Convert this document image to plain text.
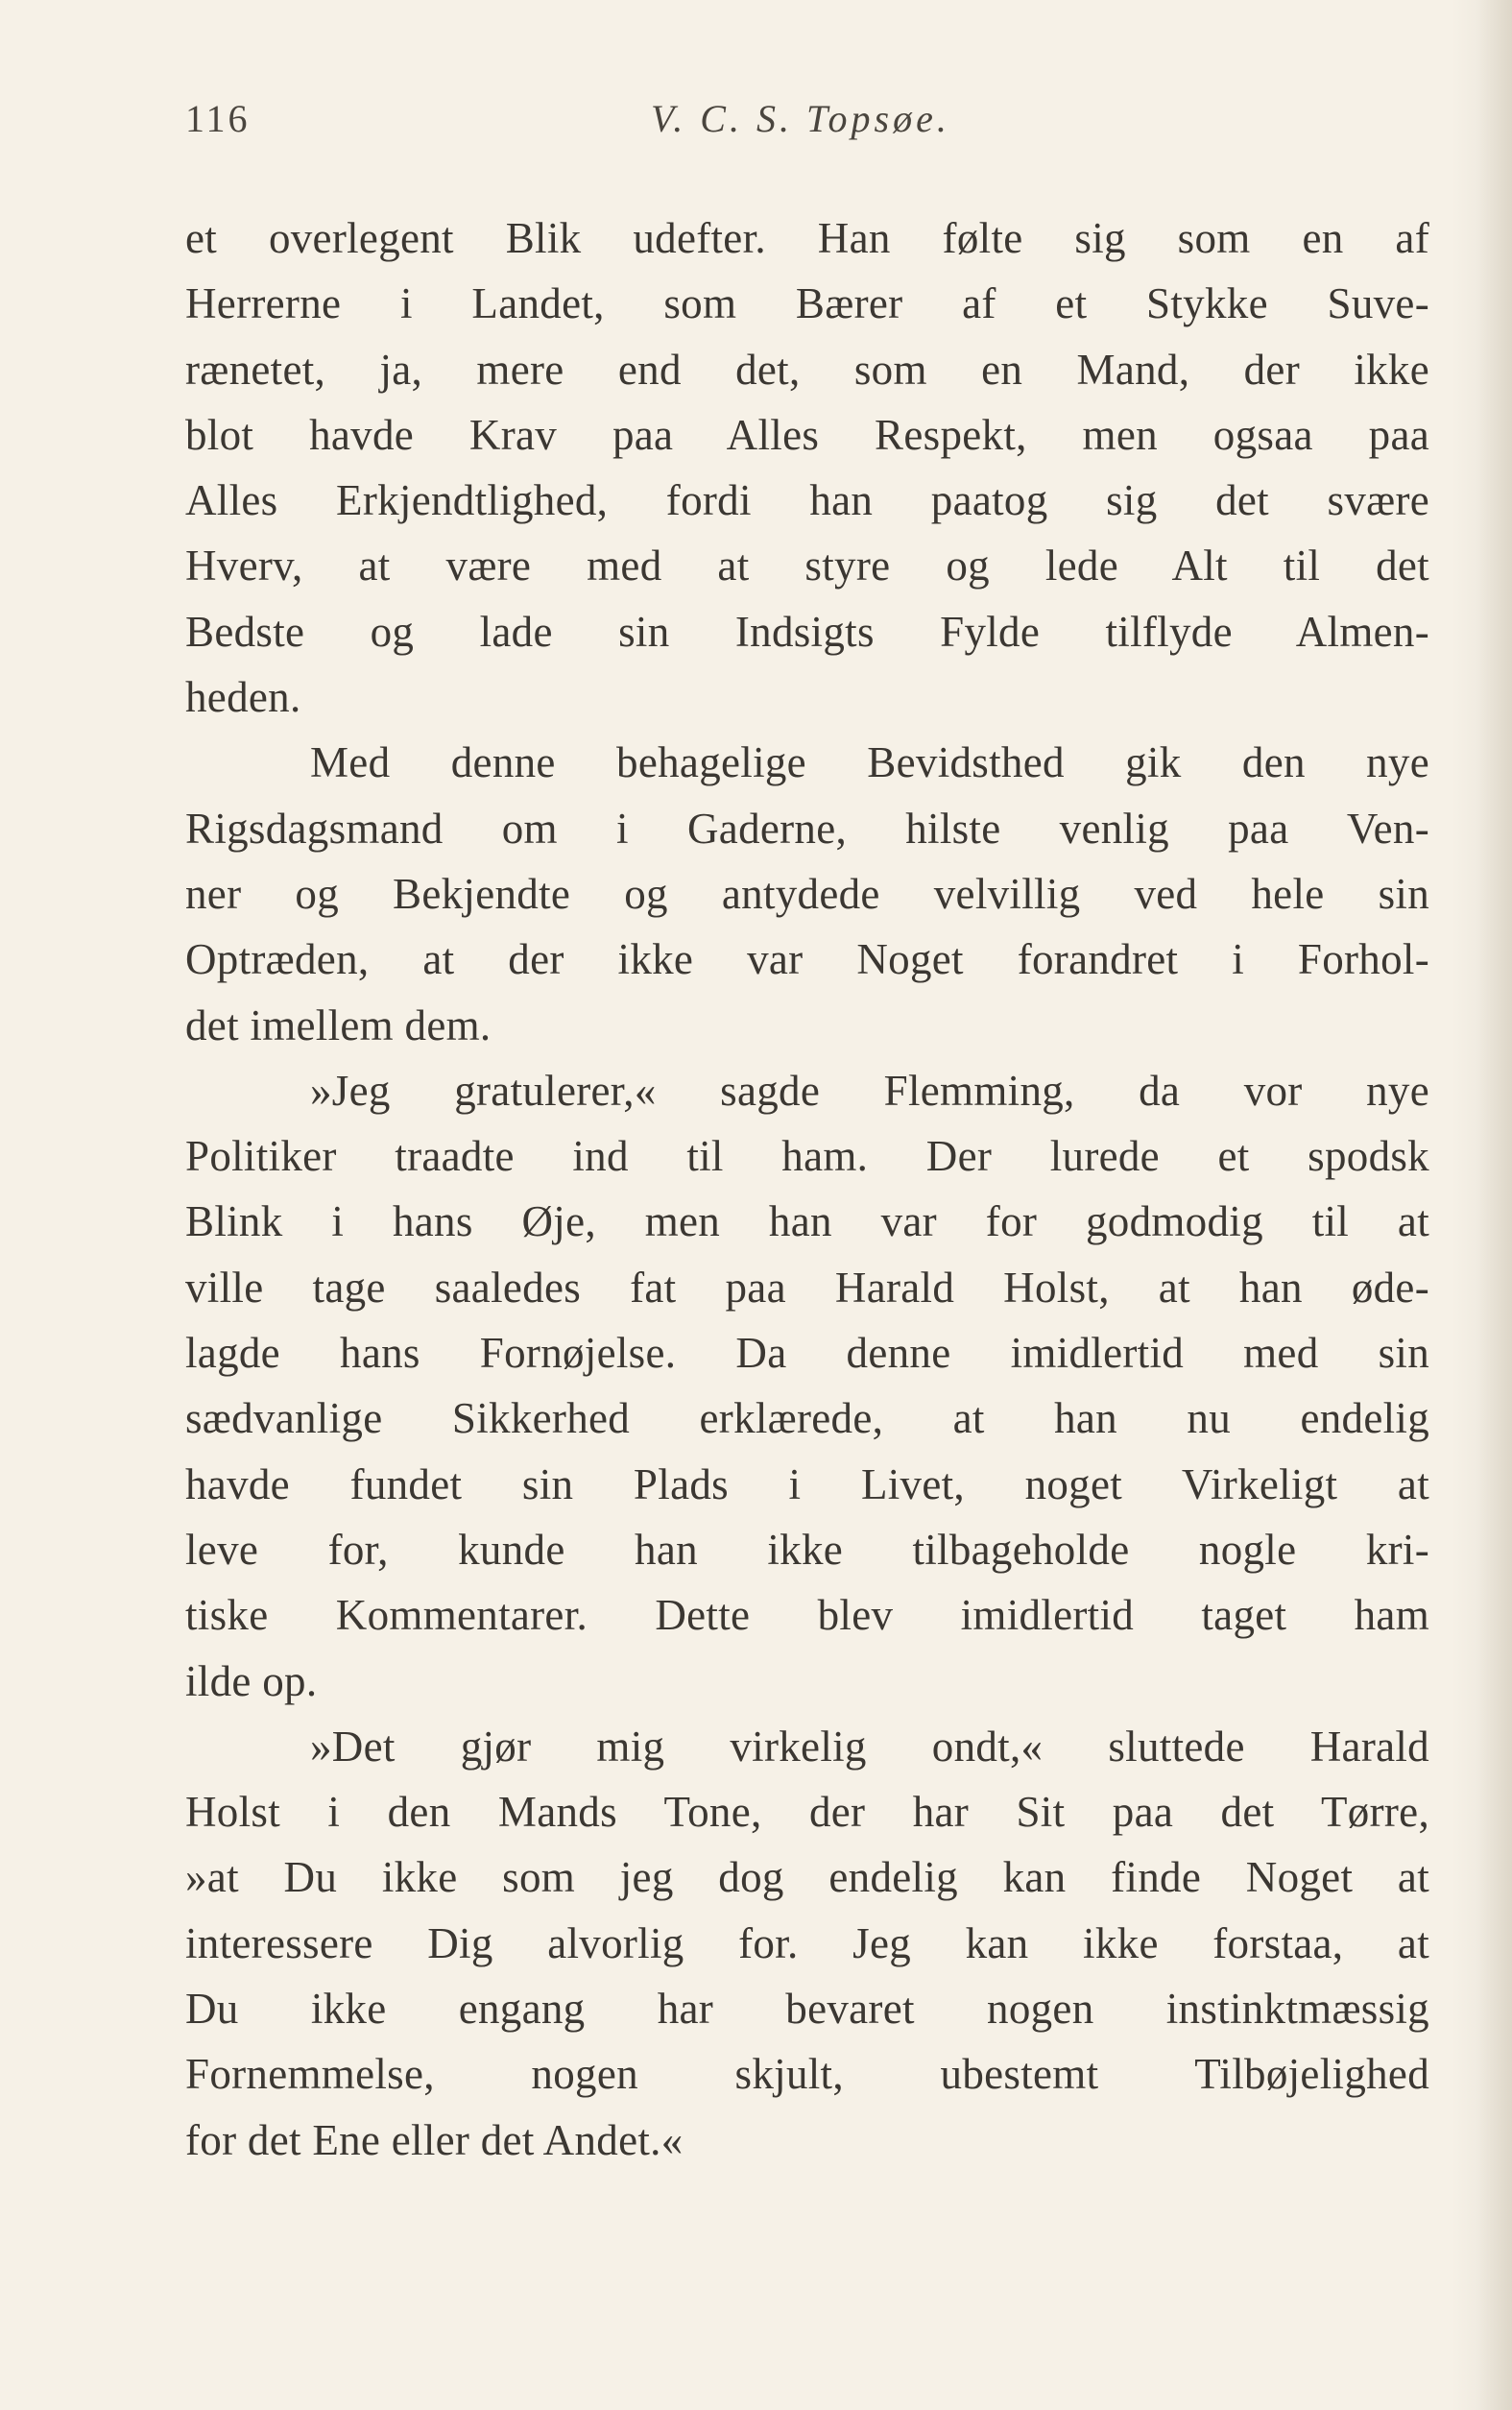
116	V. C. S. Topsøe.
et overlegent Blik udefter. Han følte sig som en af
Herrerne i Landet, som Bærer af et Stykke Suve-
rænetet, ja, mere end det, som en Mand, der ikke
blot havde Krav paa Alles Respekt, men ogsaa paa
Alles Erkjendtlighed, fordi han paatog sig det svære
Hverv, at være med at styre og lede Alt til det
Bedste og lade sin Indsigts Fylde tilflyde Almen-
heden.
Med denne behagelige Bevidsthed gik den nye
Rigsdagsmand om i Gaderne, hilste venlig paa Ven-
ner og Bekjendte og antydede velvillig ved hele sin
Optræden, at der ikke var Noget forandret i Forhol-
det imellem dem.
»Jeg gratulerer,« sagde Flemming, da vor nye
Politiker traadte ind til ham. Der lurede et spodsk
Blink i hans Øje, men han var for godmodig til at
ville tage saaledes fat paa Harald Holst, at han øde-
lagde hans Fornøjelse. Da denne imidlertid med sin
sædvanlige Sikkerhed erklærede, at han nu endelig
havde fundet sin Plads i Livet, noget Virkeligt at
leve for, kunde han ikke tilbageholde nogle kri-
tiske Kommentarer. Dette blev imidlertid taget ham
ilde op.
»Det gjør mig virkelig ondt,« sluttede Harald
Holst i den Mands Tone, der har Sit paa det Tørre,
»at Du ikke som jeg dog endelig kan finde Noget at
interessere Dig alvorlig for. Jeg kan ikke forstaa, at
Du ikke engang har bevaret nogen instinktmæssig
Fornemmelse, nogen skjult, ubestemt Tilbøjelighed
for det Ene eller det Andet.«
